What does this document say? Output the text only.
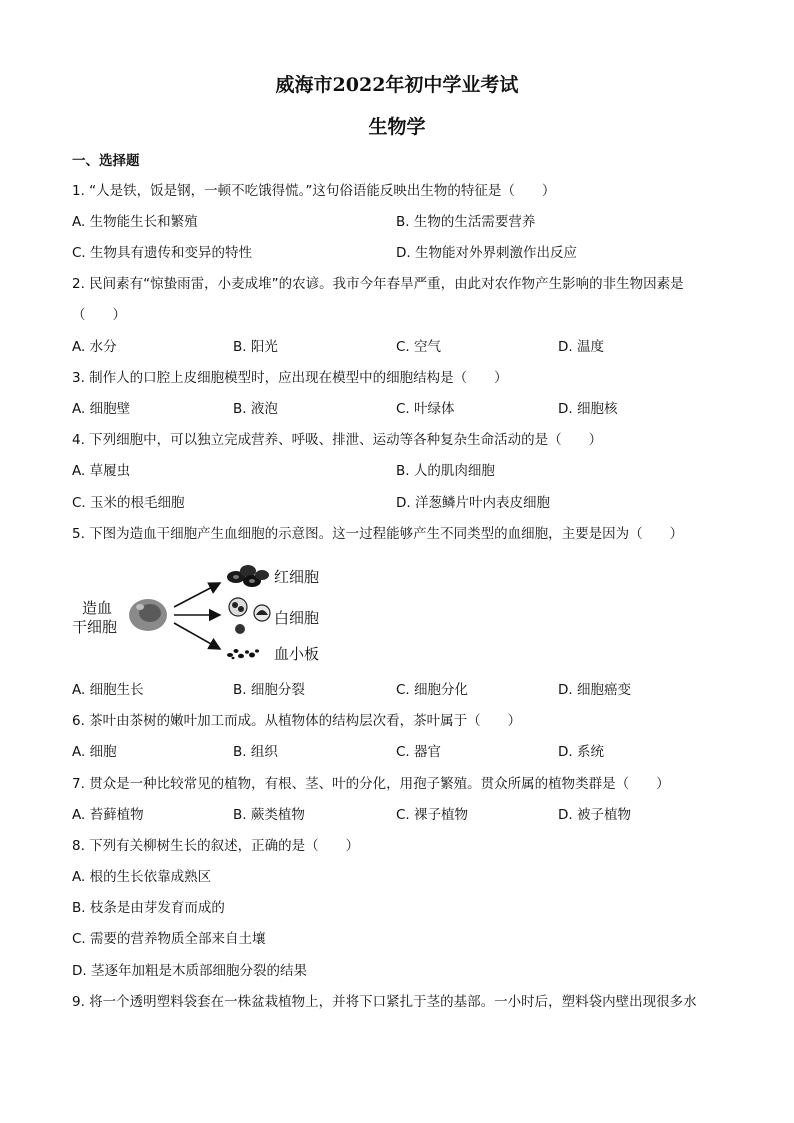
威海市2022年初中学业考试
生物学
一、选择题
1. “人是铁，饭是钢，一顿不吃饿得慌。”这句俗语能反映出生物的特征是（　　）
A. 生物能生长和繁殖	B. 生物的生活需要营养
C. 生物具有遗传和变异的特性	D. 生物能对外界刺激作出反应
2. 民间素有“惊蛰雨雷，小麦成堆”的农谚。我市今年春旱严重，由此对农作物产生影响的非生物因素是
（　　）
A. 水分	B. 阳光	C. 空气	D. 温度
3. 制作人的口腔上皮细胞模型时，应出现在模型中的细胞结构是（　　）
A. 细胞壁	B. 液泡	C. 叶绿体	D. 细胞核
4. 下列细胞中，可以独立完成营养、呼吸、排泄、运动等各种复杂生命活动的是（　　）
A. 草履虫	B. 人的肌肉细胞
C. 玉米的根毛细胞	D. 洋葱鳞片叶内表皮细胞
5. 下图为造血干细胞产生血细胞的示意图。这一过程能够产生不同类型的血细胞，主要是因为（　　）
造血
干细胞
红细胞
白细胞
血小板
A. 细胞生长	B. 细胞分裂	C. 细胞分化	D. 细胞癌变
6. 茶叶由茶树的嫩叶加工而成。从植物体的结构层次看，茶叶属于（　　）
A. 细胞	B. 组织	C. 器官	D. 系统
7. 贯众是一种比较常见的植物，有根、茎、叶的分化，用孢子繁殖。贯众所属的植物类群是（　　）
A. 苔藓植物	B. 蕨类植物	C. 裸子植物	D. 被子植物
8. 下列有关柳树生长的叙述，正确的是（　　）
A. 根的生长依靠成熟区
B. 枝条是由芽发育而成的
C. 需要的营养物质全部来自土壤
D. 茎逐年加粗是木质部细胞分裂的结果
9. 将一个透明塑料袋套在一株盆栽植物上，并将下口紧扎于茎的基部。一小时后，塑料袋内壁出现很多水
